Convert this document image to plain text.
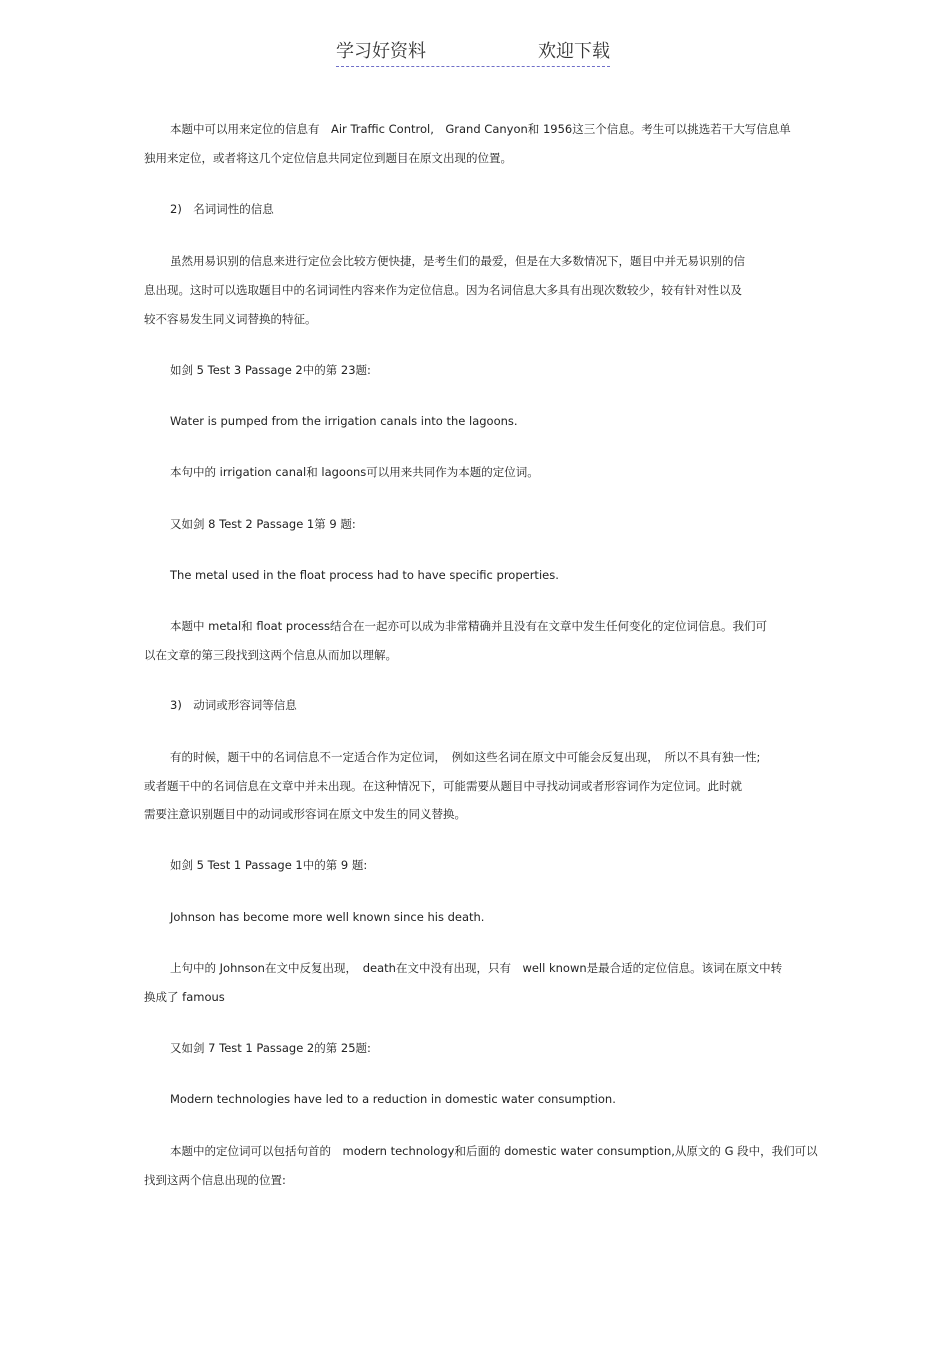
学习好资料	欢迎下载
本题中可以用来定位的信息有　Air Traffic Control,　Grand Canyon和 1956这三个信息。考生可以挑选若干大写信息单
独用来定位，或者将这几个定位信息共同定位到题目在原文出现的位置。
2)　名词词性的信息
虽然用易识别的信息来进行定位会比较方便快捷，是考生们的最爱，但是在大多数情况下，题目中并无易识别的信
息出现。这时可以选取题目中的名词词性内容来作为定位信息。因为名词信息大多具有出现次数较少，较有针对性以及
较不容易发生同义词替换的特征。
如剑 5 Test 3 Passage 2中的第 23题:
Water is pumped from the irrigation canals into the lagoons.
本句中的 irrigation canal和 lagoons可以用来共同作为本题的定位词。
又如剑 8 Test 2 Passage 1第 9 题:
The metal used in the float process had to have specific properties.
本题中 metal和 float process结合在一起亦可以成为非常精确并且没有在文章中发生任何变化的定位词信息。我们可
以在文章的第三段找到这两个信息从而加以理解。
3)　动词或形容词等信息
有的时候，题干中的名词信息不一定适合作为定位词，　例如这些名词在原文中可能会反复出现，　所以不具有独一性;
或者题干中的名词信息在文章中并未出现。在这种情况下，可能需要从题目中寻找动词或者形容词作为定位词。此时就
需要注意识别题目中的动词或形容词在原文中发生的同义替换。
如剑 5 Test 1 Passage 1中的第 9 题:
Johnson has become more well known since his death.
上句中的 Johnson在文中反复出现，　death在文中没有出现，只有　well known是最合适的定位信息。该词在原文中转
换成了 famous
又如剑 7 Test 1 Passage 2的第 25题:
Modern technologies have led to a reduction in domestic water consumption.
本题中的定位词可以包括句首的　modern technology和后面的 domestic water consumption,从原文的 G 段中，我们可以
找到这两个信息出现的位置:
